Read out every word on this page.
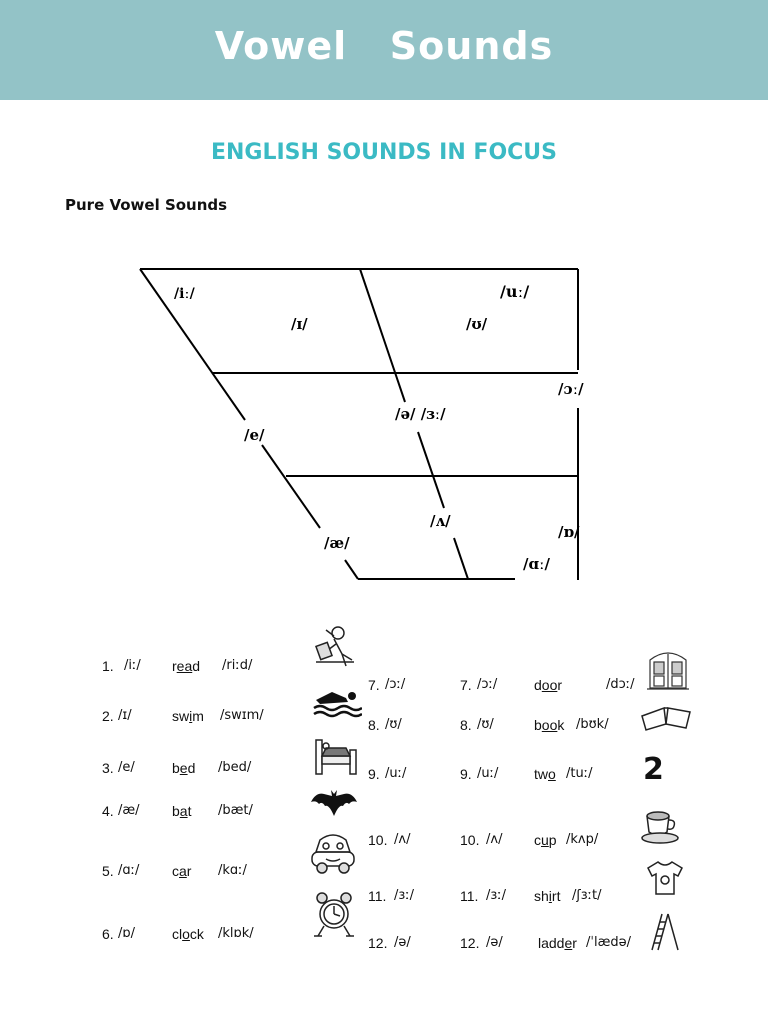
Vowel   Sounds
ENGLISH SOUNDS IN FOCUS
Pure Vowel Sounds
/iː/	/uː/
/ɪ/	/ʊ/
/ɔː/
/ə/ /ɜː/
/e/
/ʌ/
/ɒ/
/æ/
/ɑː/
1. /iː/ read /riːd/
2. /ɪ/	swim /swɪm/
3. /e/	bed /bed/
4. /æ/ bat /bæt/
5. /ɑː/ car /kɑː/
6. /ɒ/	clock /klɒk/
7. /ɔː/
8. /ʊ/
9. /uː/
10. /ʌ/
11. /ɜː/
12. /ə/
7. /ɔː/	door	/dɔː/
8. /ʊ/	book /bʊk/
9. /uː/	two /tuː/
10. /ʌ/ cup /kʌp/
11. /ɜː/ shirt /ʃɜːt/
12. /ə/	ladder /ˈlædə/
2
